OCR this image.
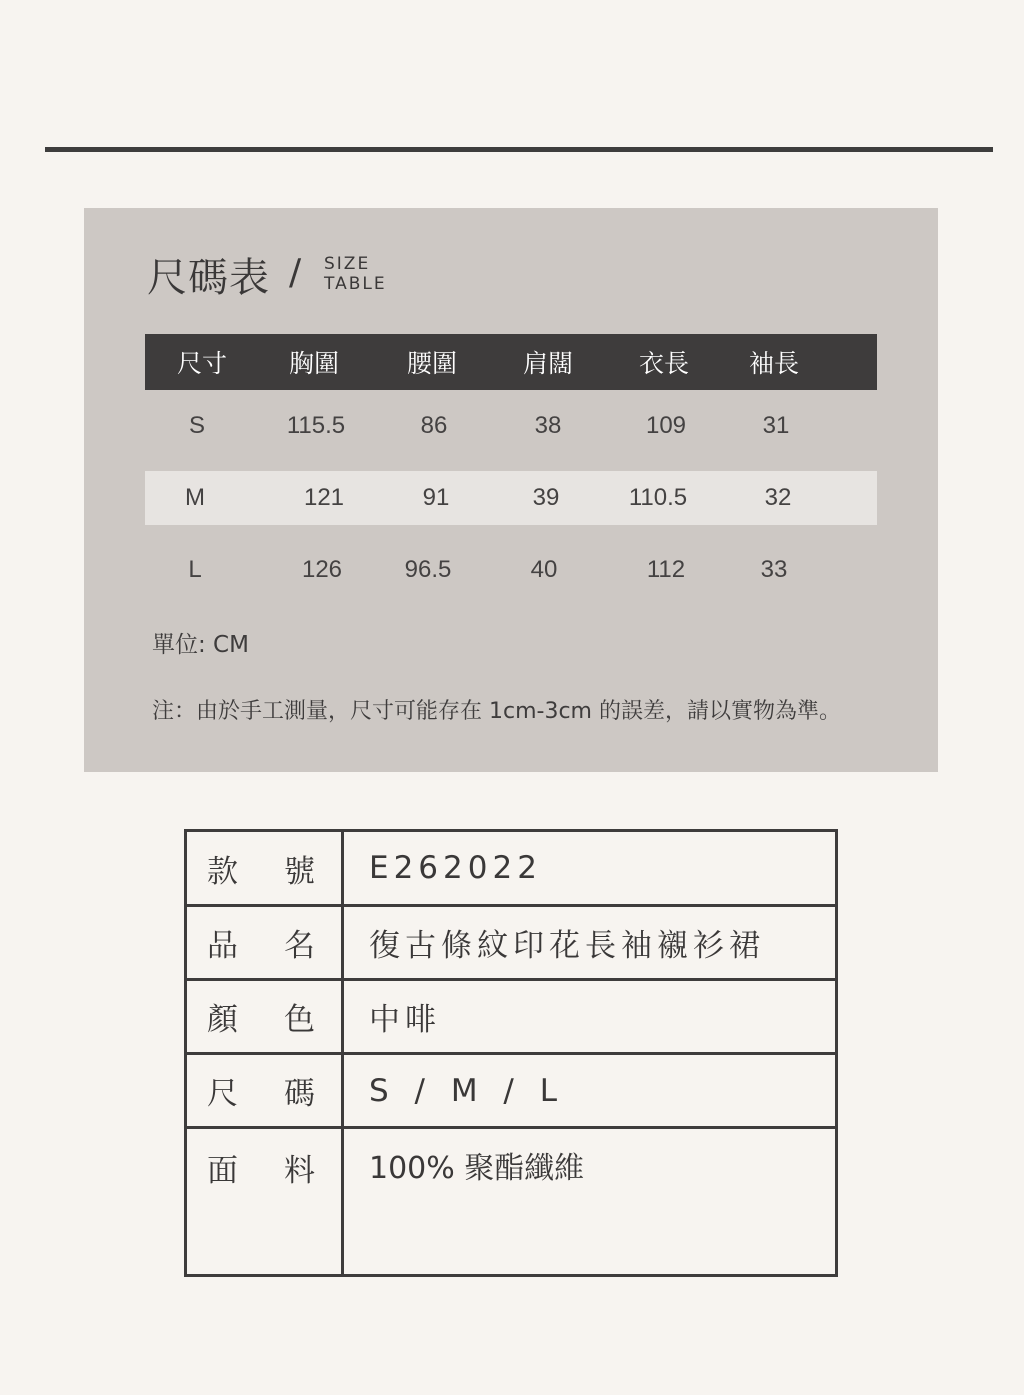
尺碼表 / SIZE
TABLE
尺寸	胸圍	腰圍	肩闊	衣長	袖長
S	115.5	86	38	109	31
M	121	91	39	110.5	32
L	126	96.5	40	112	33
單位: CM
注：由於手工測量，尺寸可能存在 1cm-3cm 的誤差，請以實物為準。
款 號 E262022
品 名 復古條紋印花長袖襯衫裙
顏 色 中啡
尺 碼 S / M / L
面 料 100% 聚酯纖維
